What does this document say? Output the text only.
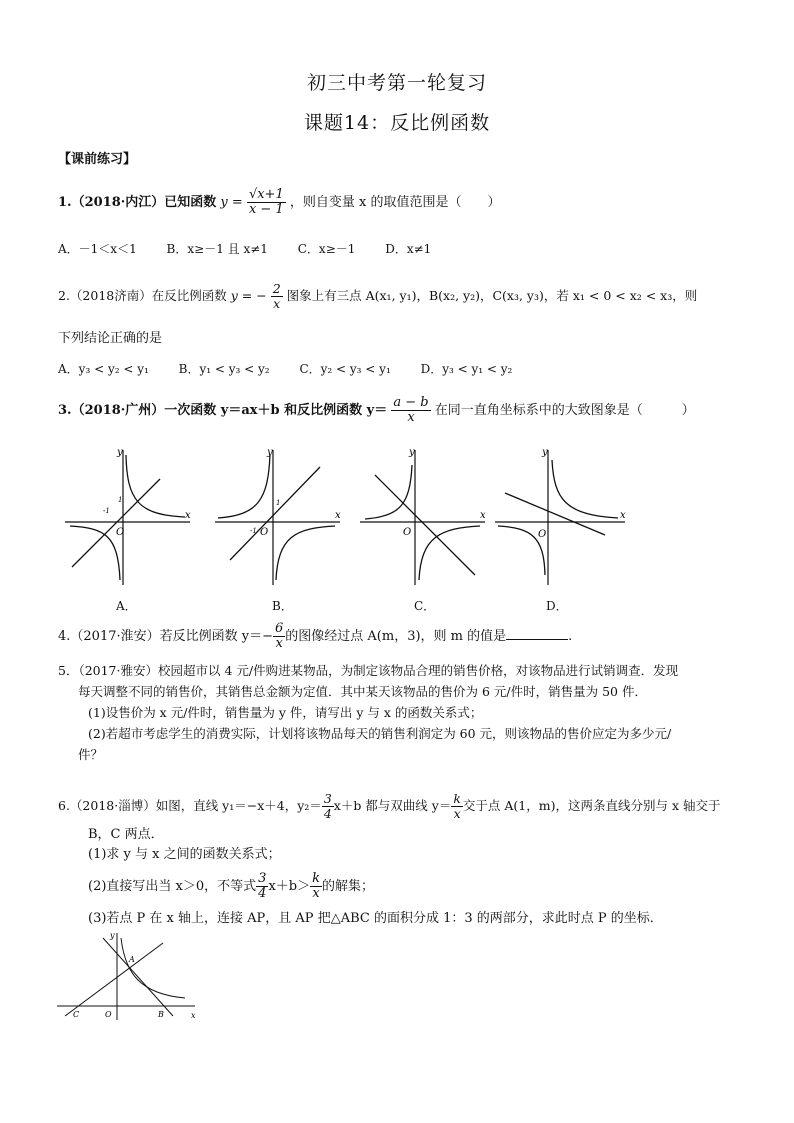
初三中考第一轮复习
课题14：反比例函数
【课前练习】
1.（2018·内江）已知函数 $y = \frac{√x+1}{x - 1}$ ，则自变量 x 的取值范围是（　　）
A．－1＜x＜1 B．x≥－1 且 x≠1 C．x≥－1 D．x≠1
2.（2018济南）在反比例函数 y = − $\frac{2}{x}$ 图象上有三点 A(x₁, y₁)，B(x₂, y₂)，C(x₃, y₃)，若 x₁ < 0 < x₂ < x₃，则
下列结论正确的是
A．y₃ < y₂ < y₁ B．y₁ < y₃ < y₂ C．y₂ < y₃ < y₁ D．y₃ < y₁ < y₂
3.（2018·广州）一次函数 y＝ax＋b 和反比例函数 $y= \frac{a - b}{x}$ 在同一直角坐标系中的大致图象是（　　　）
x
y
O
-1
1
x
y
O
-1
1
x
y
O
x
y
O
A．	B．	C．	D．
4.（2017·淮安）若反比例函数 $y=- \frac{6}{x}$ 的图像经过点 A(m，3)，则 m 的值是	.
5．（2017·雅安）校园超市以 4 元/件购进某物品，为制定该物品合理的销售价格，对该物品进行试销调查．发现
每天调整不同的销售价，其销售总金额为定值．其中某天该物品的售价为 6 元/件时，销售量为 50 件．
(1)设售价为 x 元/件时，销售量为 y 件，请写出 y 与 x 的函数关系式；
(2)若超市考虑学生的消费实际，计划将该物品每天的销售利润定为 60 元，则该物品的售价应定为多少元/
件？
6.（2018·淄博）如图，直线 y₁＝−x＋4，$y_2= \frac{3}{4} x+b$ 都与双曲线 $y= \frac{k}{x}$ 交于点 A(1，m)，这两条直线分别与 x 轴交于
B，C 两点．
(1)求 y 与 x 之间的函数关系式；
(2)直接写出当 x＞0，不等式 $\frac{3}{4} x+b> \frac{k}{x}$ 的解集；
(3)若点 P 在 x 轴上，连接 AP，且 AP 把△ABC 的面积分成 1：3 的两部分，求此时点 P 的坐标．
x
y
O
C	B
A
